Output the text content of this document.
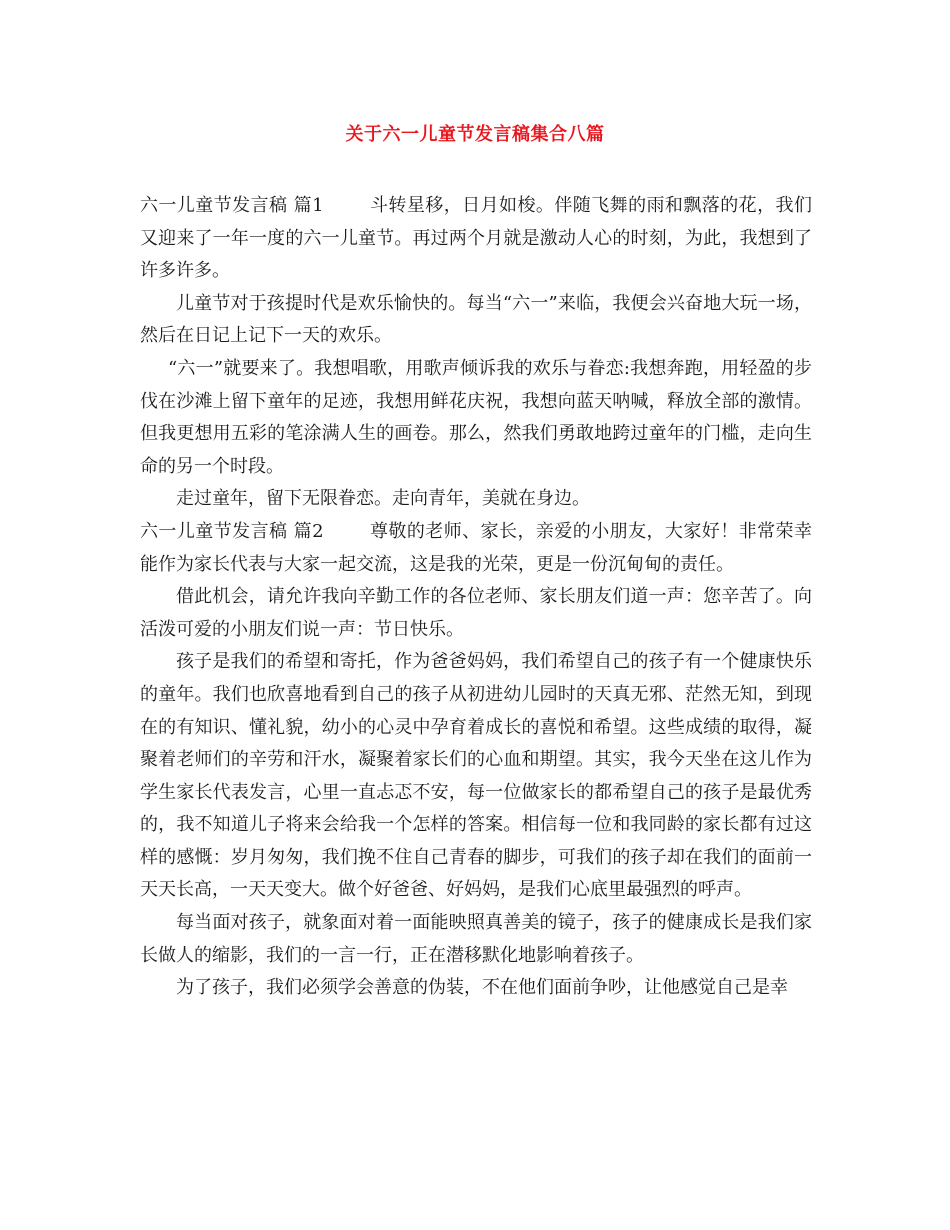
关于六一儿童节发言稿集合八篇

六一儿童节发言稿 篇1	斗转星移，日月如梭。伴随飞舞的雨和飘落的花，我们又迎来了一年一度的六一儿童节。再过两个月就是激动人心的时刻，为此，我想到了许多许多。

儿童节对于孩提时代是欢乐愉快的。每当“六一”来临，我便会兴奋地大玩一场，然后在日记上记下一天的欢乐。

“六一”就要来了。我想唱歌，用歌声倾诉我的欢乐与眷恋:我想奔跑，用轻盈的步伐在沙滩上留下童年的足迹，我想用鲜花庆祝，我想向蓝天呐喊，释放全部的激情。但我更想用五彩的笔涂满人生的画卷。那么，然我们勇敢地跨过童年的门槛，走向生命的另一个时段。

走过童年，留下无限眷恋。走向青年，美就在身边。

六一儿童节发言稿 篇2	尊敬的老师、家长，亲爱的小朋友，大家好！非常荣幸能作为家长代表与大家一起交流，这是我的光荣，更是一份沉甸甸的责任。

借此机会，请允许我向辛勤工作的各位老师、家长朋友们道一声：您辛苦了。向活泼可爱的小朋友们说一声：节日快乐。

孩子是我们的希望和寄托，作为爸爸妈妈，我们希望自己的孩子有一个健康快乐的童年。我们也欣喜地看到自己的孩子从初进幼儿园时的天真无邪、茫然无知，到现在的有知识、懂礼貌，幼小的心灵中孕育着成长的喜悦和希望。这些成绩的取得，凝聚着老师们的辛劳和汗水，凝聚着家长们的心血和期望。其实，我今天坐在这儿作为学生家长代表发言，心里一直忐忑不安，每一位做家长的都希望自己的孩子是最优秀的，我不知道儿子将来会给我一个怎样的答案。相信每一位和我同龄的家长都有过这样的感慨：岁月匆匆，我们挽不住自己青春的脚步，可我们的孩子却在我们的面前一天天长高，一天天变大。做个好爸爸、好妈妈，是我们心底里最强烈的呼声。

每当面对孩子，就象面对着一面能映照真善美的镜子，孩子的健康成长是我们家长做人的缩影，我们的一言一行，正在潜移默化地影响着孩子。

为了孩子，我们必须学会善意的伪装，不在他们面前争吵，让他感觉自己是幸
